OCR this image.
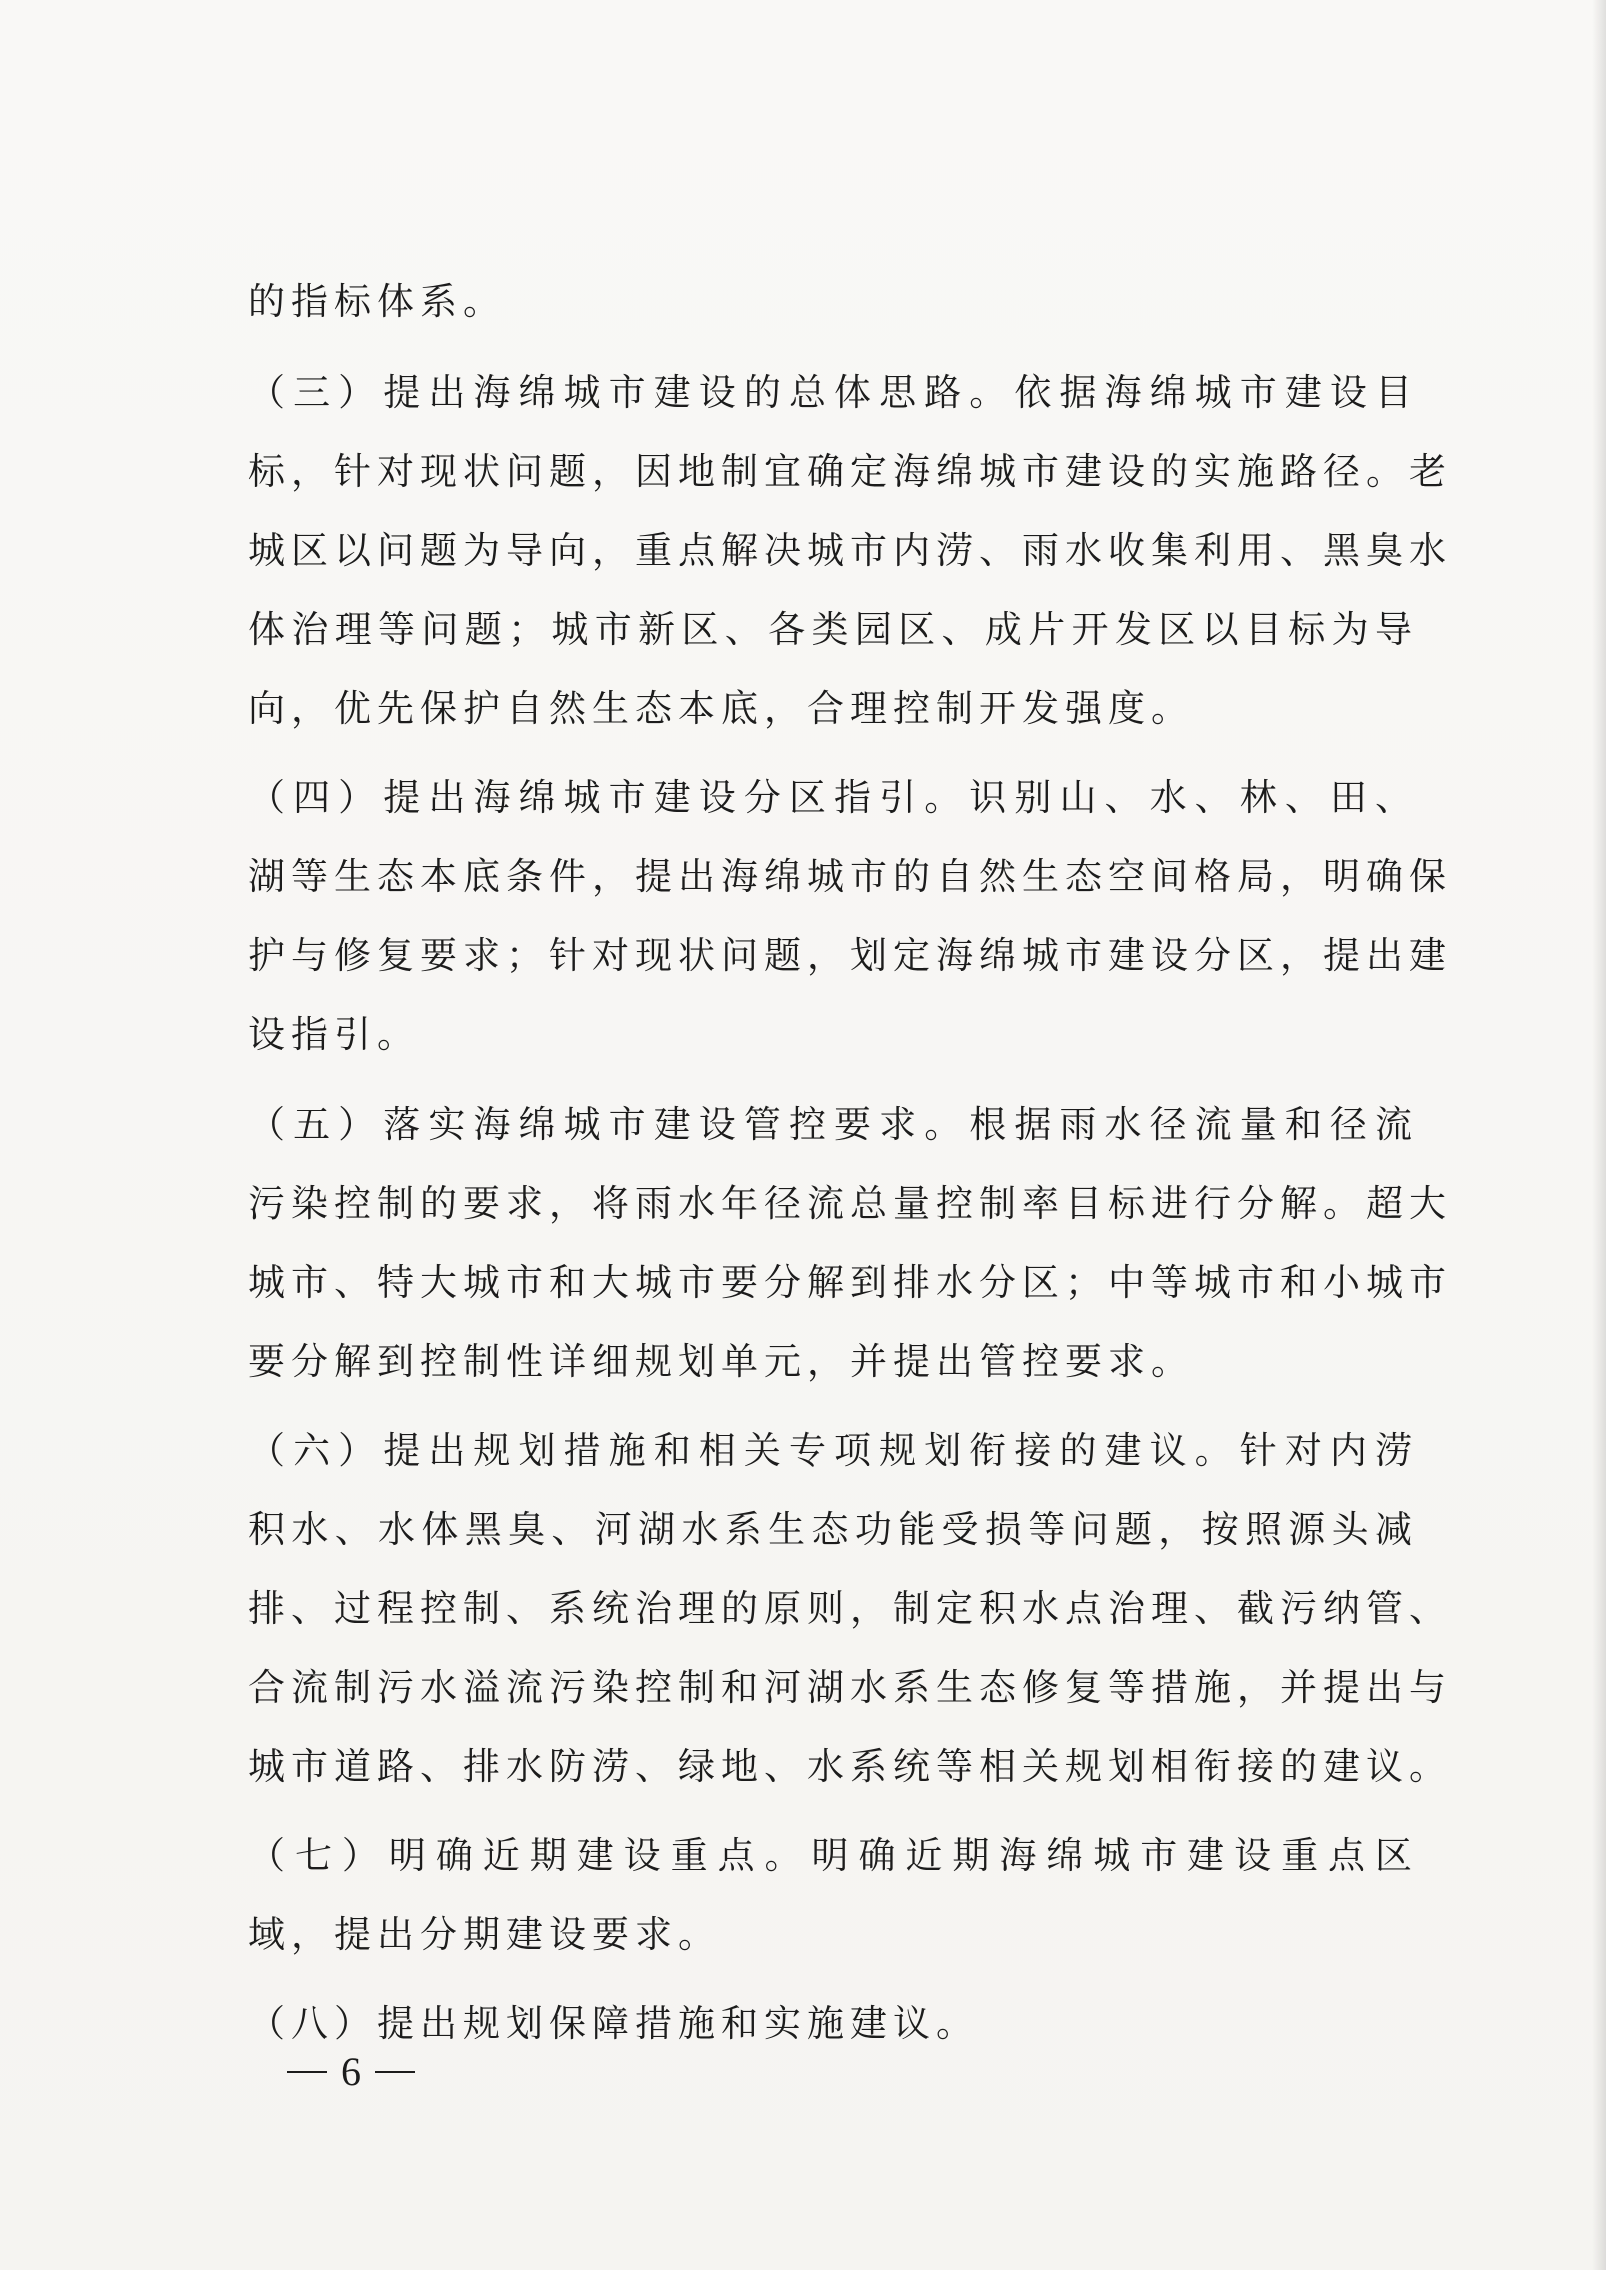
的指标体系。
（三）提出海绵城市建设的总体思路。依据海绵城市建设目
标，针对现状问题，因地制宜确定海绵城市建设的实施路径。老
城区以问题为导向，重点解决城市内涝、雨水收集利用、黑臭水
体治理等问题；城市新区、各类园区、成片开发区以目标为导
向，优先保护自然生态本底，合理控制开发强度。
（四）提出海绵城市建设分区指引。识别山、水、林、田、
湖等生态本底条件，提出海绵城市的自然生态空间格局，明确保
护与修复要求；针对现状问题，划定海绵城市建设分区，提出建
设指引。
（五）落实海绵城市建设管控要求。根据雨水径流量和径流
污染控制的要求，将雨水年径流总量控制率目标进行分解。超大
城市、特大城市和大城市要分解到排水分区；中等城市和小城市
要分解到控制性详细规划单元，并提出管控要求。
（六）提出规划措施和相关专项规划衔接的建议。针对内涝
积水、水体黑臭、河湖水系生态功能受损等问题，按照源头减
排、过程控制、系统治理的原则，制定积水点治理、截污纳管、
合流制污水溢流污染控制和河湖水系生态修复等措施，并提出与
城市道路、排水防涝、绿地、水系统等相关规划相衔接的建议。
（七）明确近期建设重点。明确近期海绵城市建设重点区
域，提出分期建设要求。
（八）提出规划保障措施和实施建议。
6
